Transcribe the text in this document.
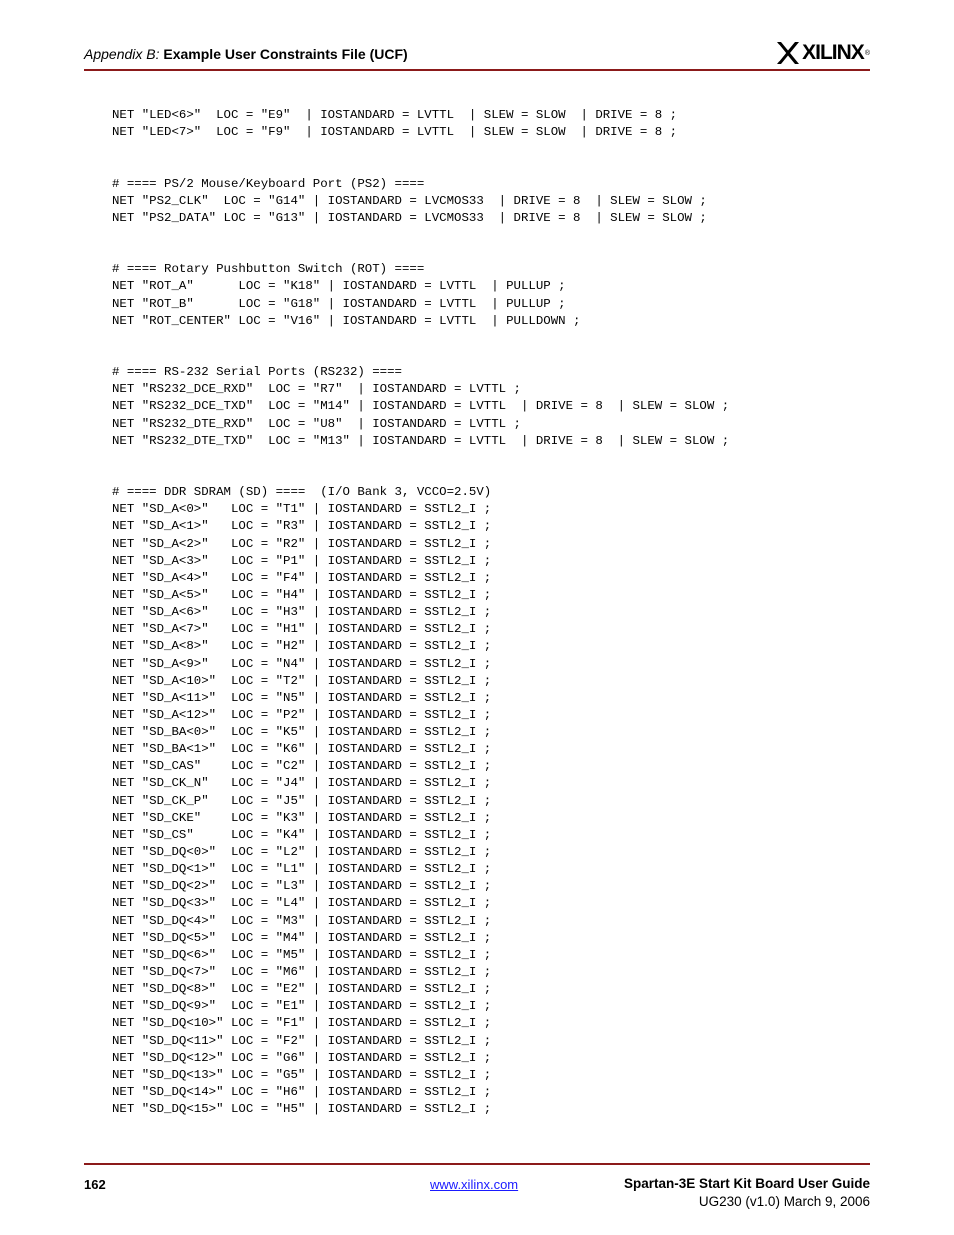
Appendix B: Example User Constraints File (UCF)	XILINX ®
NET "LED<6>"  LOC = "E9"  | IOSTANDARD = LVTTL  | SLEW = SLOW  | DRIVE = 8 ;
NET "LED<7>"  LOC = "F9"  | IOSTANDARD = LVTTL  | SLEW = SLOW  | DRIVE = 8 ;
# ==== PS/2 Mouse/Keyboard Port (PS2) ====
NET "PS2_CLK"  LOC = "G14" | IOSTANDARD = LVCMOS33  | DRIVE = 8  | SLEW = SLOW ;
NET "PS2_DATA" LOC = "G13" | IOSTANDARD = LVCMOS33  | DRIVE = 8  | SLEW = SLOW ;
# ==== Rotary Pushbutton Switch (ROT) ====
NET "ROT_A"      LOC = "K18" | IOSTANDARD = LVTTL  | PULLUP ;
NET "ROT_B"      LOC = "G18" | IOSTANDARD = LVTTL  | PULLUP ;
NET "ROT_CENTER" LOC = "V16" | IOSTANDARD = LVTTL  | PULLDOWN ;
# ==== RS-232 Serial Ports (RS232) ====
NET "RS232_DCE_RXD"  LOC = "R7"  | IOSTANDARD = LVTTL ;
NET "RS232_DCE_TXD"  LOC = "M14" | IOSTANDARD = LVTTL  | DRIVE = 8  | SLEW = SLOW ;
NET "RS232_DTE_RXD"  LOC = "U8"  | IOSTANDARD = LVTTL ;
NET "RS232_DTE_TXD"  LOC = "M13" | IOSTANDARD = LVTTL  | DRIVE = 8  | SLEW = SLOW ;
# ==== DDR SDRAM (SD) ====  (I/O Bank 3, VCCO=2.5V)
NET "SD_A<0>"   LOC = "T1" | IOSTANDARD = SSTL2_I ;
NET "SD_A<1>"   LOC = "R3" | IOSTANDARD = SSTL2_I ;
NET "SD_A<2>"   LOC = "R2" | IOSTANDARD = SSTL2_I ;
NET "SD_A<3>"   LOC = "P1" | IOSTANDARD = SSTL2_I ;
NET "SD_A<4>"   LOC = "F4" | IOSTANDARD = SSTL2_I ;
NET "SD_A<5>"   LOC = "H4" | IOSTANDARD = SSTL2_I ;
NET "SD_A<6>"   LOC = "H3" | IOSTANDARD = SSTL2_I ;
NET "SD_A<7>"   LOC = "H1" | IOSTANDARD = SSTL2_I ;
NET "SD_A<8>"   LOC = "H2" | IOSTANDARD = SSTL2_I ;
NET "SD_A<9>"   LOC = "N4" | IOSTANDARD = SSTL2_I ;
NET "SD_A<10>"  LOC = "T2" | IOSTANDARD = SSTL2_I ;
NET "SD_A<11>"  LOC = "N5" | IOSTANDARD = SSTL2_I ;
NET "SD_A<12>"  LOC = "P2" | IOSTANDARD = SSTL2_I ;
NET "SD_BA<0>"  LOC = "K5" | IOSTANDARD = SSTL2_I ;
NET "SD_BA<1>"  LOC = "K6" | IOSTANDARD = SSTL2_I ;
NET "SD_CAS"    LOC = "C2" | IOSTANDARD = SSTL2_I ;
NET "SD_CK_N"   LOC = "J4" | IOSTANDARD = SSTL2_I ;
NET "SD_CK_P"   LOC = "J5" | IOSTANDARD = SSTL2_I ;
NET "SD_CKE"    LOC = "K3" | IOSTANDARD = SSTL2_I ;
NET "SD_CS"     LOC = "K4" | IOSTANDARD = SSTL2_I ;
NET "SD_DQ<0>"  LOC = "L2" | IOSTANDARD = SSTL2_I ;
NET "SD_DQ<1>"  LOC = "L1" | IOSTANDARD = SSTL2_I ;
NET "SD_DQ<2>"  LOC = "L3" | IOSTANDARD = SSTL2_I ;
NET "SD_DQ<3>"  LOC = "L4" | IOSTANDARD = SSTL2_I ;
NET "SD_DQ<4>"  LOC = "M3" | IOSTANDARD = SSTL2_I ;
NET "SD_DQ<5>"  LOC = "M4" | IOSTANDARD = SSTL2_I ;
NET "SD_DQ<6>"  LOC = "M5" | IOSTANDARD = SSTL2_I ;
NET "SD_DQ<7>"  LOC = "M6" | IOSTANDARD = SSTL2_I ;
NET "SD_DQ<8>"  LOC = "E2" | IOSTANDARD = SSTL2_I ;
NET "SD_DQ<9>"  LOC = "E1" | IOSTANDARD = SSTL2_I ;
NET "SD_DQ<10>" LOC = "F1" | IOSTANDARD = SSTL2_I ;
NET "SD_DQ<11>" LOC = "F2" | IOSTANDARD = SSTL2_I ;
NET "SD_DQ<12>" LOC = "G6" | IOSTANDARD = SSTL2_I ;
NET "SD_DQ<13>" LOC = "G5" | IOSTANDARD = SSTL2_I ;
NET "SD_DQ<14>" LOC = "H6" | IOSTANDARD = SSTL2_I ;
NET "SD_DQ<15>" LOC = "H5" | IOSTANDARD = SSTL2_I ;
162	www.xilinx.com	Spartan-3E Start Kit Board User Guide
UG230 (v1.0) March 9, 2006
